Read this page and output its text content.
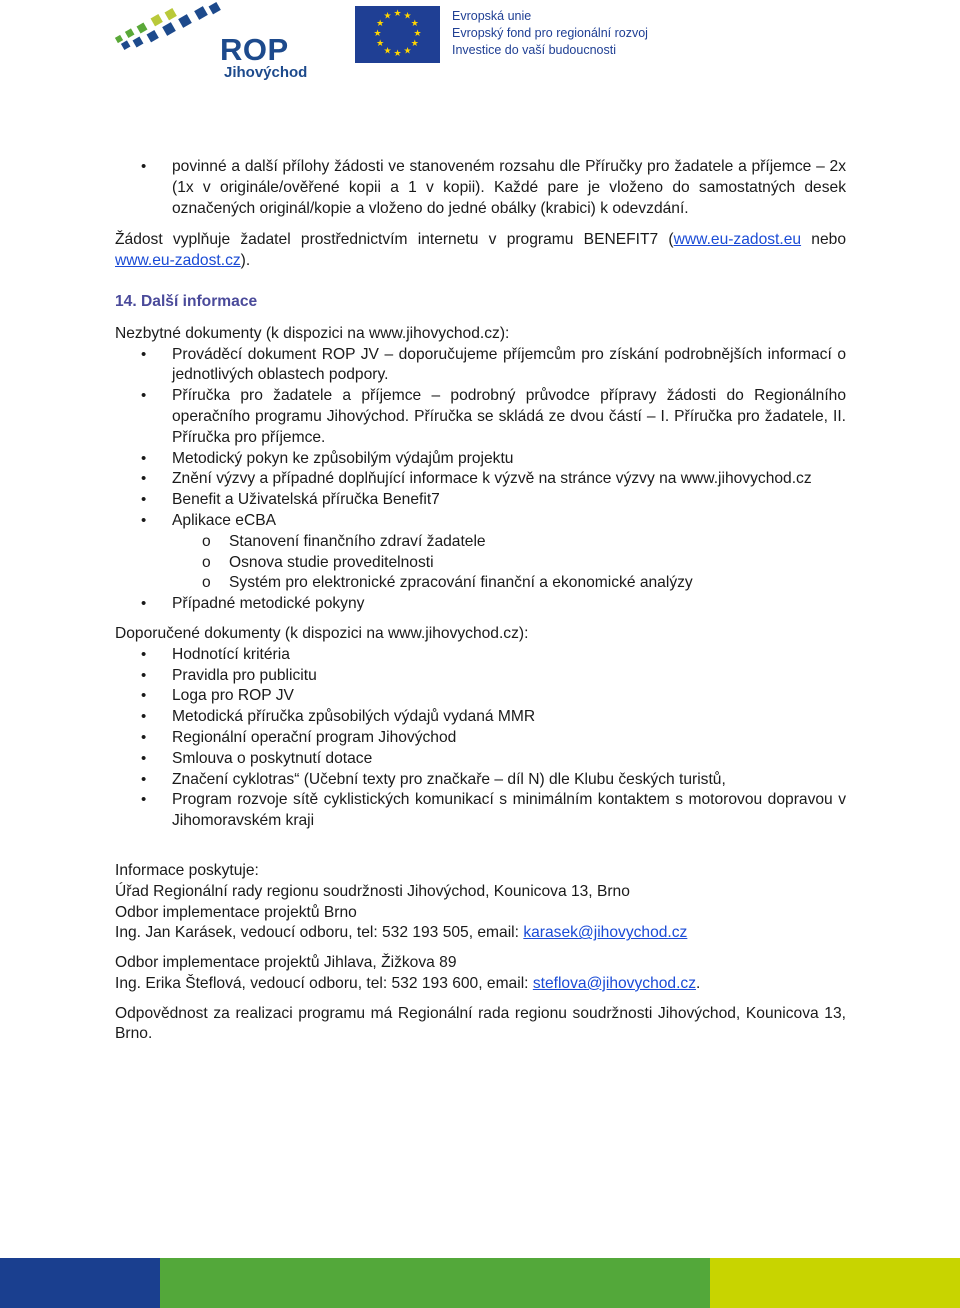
ROP
Jihovýchod
★ ★
★
★
★
★
★
★
★
★
★
★	Evropská unie
Evropský fond pro regionální rozvoj
Investice do vaší budoucnosti
• povinné a další přílohy žádosti ve stanoveném rozsahu dle Příručky pro žadatele a příjemce – 2x (1x v originále/ověřené kopii a 1 v kopii). Každé pare je vloženo do samostatných desek označených originál/kopie a vloženo do jedné obálky (krabici) k odevzdání.

Žádost vyplňuje žadatel prostřednictvím internetu v programu BENEFIT7 (www.eu-zadost.eu nebo www.eu-zadost.cz).

14. Další informace

Nezbytné dokumenty (k dispozici na www.jihovychod.cz):

• Prováděcí dokument ROP JV – doporučujeme příjemcům pro získání podrobnějších informací o jednotlivých oblastech podpory.
• Příručka pro žadatele a příjemce – podrobný průvodce přípravy žádosti do Regionálního operačního programu Jihovýchod. Příručka se skládá ze dvou částí – I. Příručka pro žadatele, II. Příručka pro příjemce.
• Metodický pokyn ke způsobilým výdajům projektu
• Znění výzvy a případné doplňující informace k výzvě na stránce výzvy na www.jihovychod.cz
• Benefit a Uživatelská příručka Benefit7
• Aplikace eCBA
o Stanovení finančního zdraví žadatele
o Osnova studie proveditelnosti
o Systém pro elektronické zpracování finanční a ekonomické analýzy
• Případné metodické pokyny

Doporučené dokumenty (k dispozici na www.jihovychod.cz):

• Hodnotící kritéria
• Pravidla pro publicitu
• Loga pro ROP JV
• Metodická příručka způsobilých výdajů vydaná MMR
• Regionální operační program Jihovýchod
• Smlouva o poskytnutí dotace
• Značení cyklotras“ (Učební texty pro značkaře – díl N) dle Klubu českých turistů,
• Program rozvoje sítě cyklistických komunikací s minimálním kontaktem s motorovou dopravou v Jihomoravském kraji

Informace poskytuje:

Úřad Regionální rady regionu soudržnosti Jihovýchod, Kounicova 13, Brno

Odbor implementace projektů Brno

Ing. Jan Karásek, vedoucí odboru, tel: 532 193 505, email: karasek@jihovychod.cz

Odbor implementace projektů Jihlava, Žižkova 89

Ing. Erika Šteflová, vedoucí odboru, tel: 532 193 600, email: steflova@jihovychod.cz.

Odpovědnost za realizaci programu má Regionální rada regionu soudržnosti Jihovýchod, Kounicova 13, Brno.
